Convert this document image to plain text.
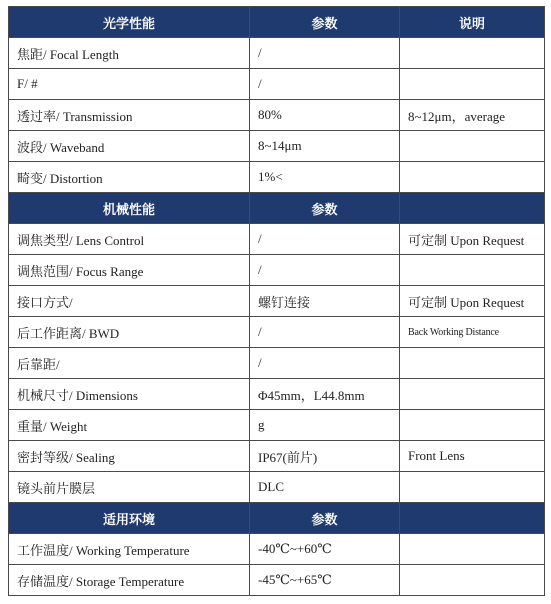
光学性能	参数	说明
焦距/ Focal Length	/	
F/ #	/	
透过率/ Transmission	80%	8~12μm，average
波段/ Waveband	8~14μm	
畸变/ Distortion	1%<	
机械性能	参数	
调焦类型/ Lens Control	/	可定制 Upon Request
调焦范围/ Focus Range	/	
接口方式/	螺钉连接	可定制 Upon Request
后工作距离/ BWD	/	Back Working Distance
后靠距/	/	
机械尺寸/ Dimensions	Φ45mm，L44.8mm	
重量/ Weight	g	
密封等级/ Sealing	IP67(前片)	Front Lens
镜头前片膜层	DLC	
适用环境	参数	
工作温度/ Working Temperature	-40℃~+60℃	
存储温度/ Storage Temperature	-45℃~+65℃	
